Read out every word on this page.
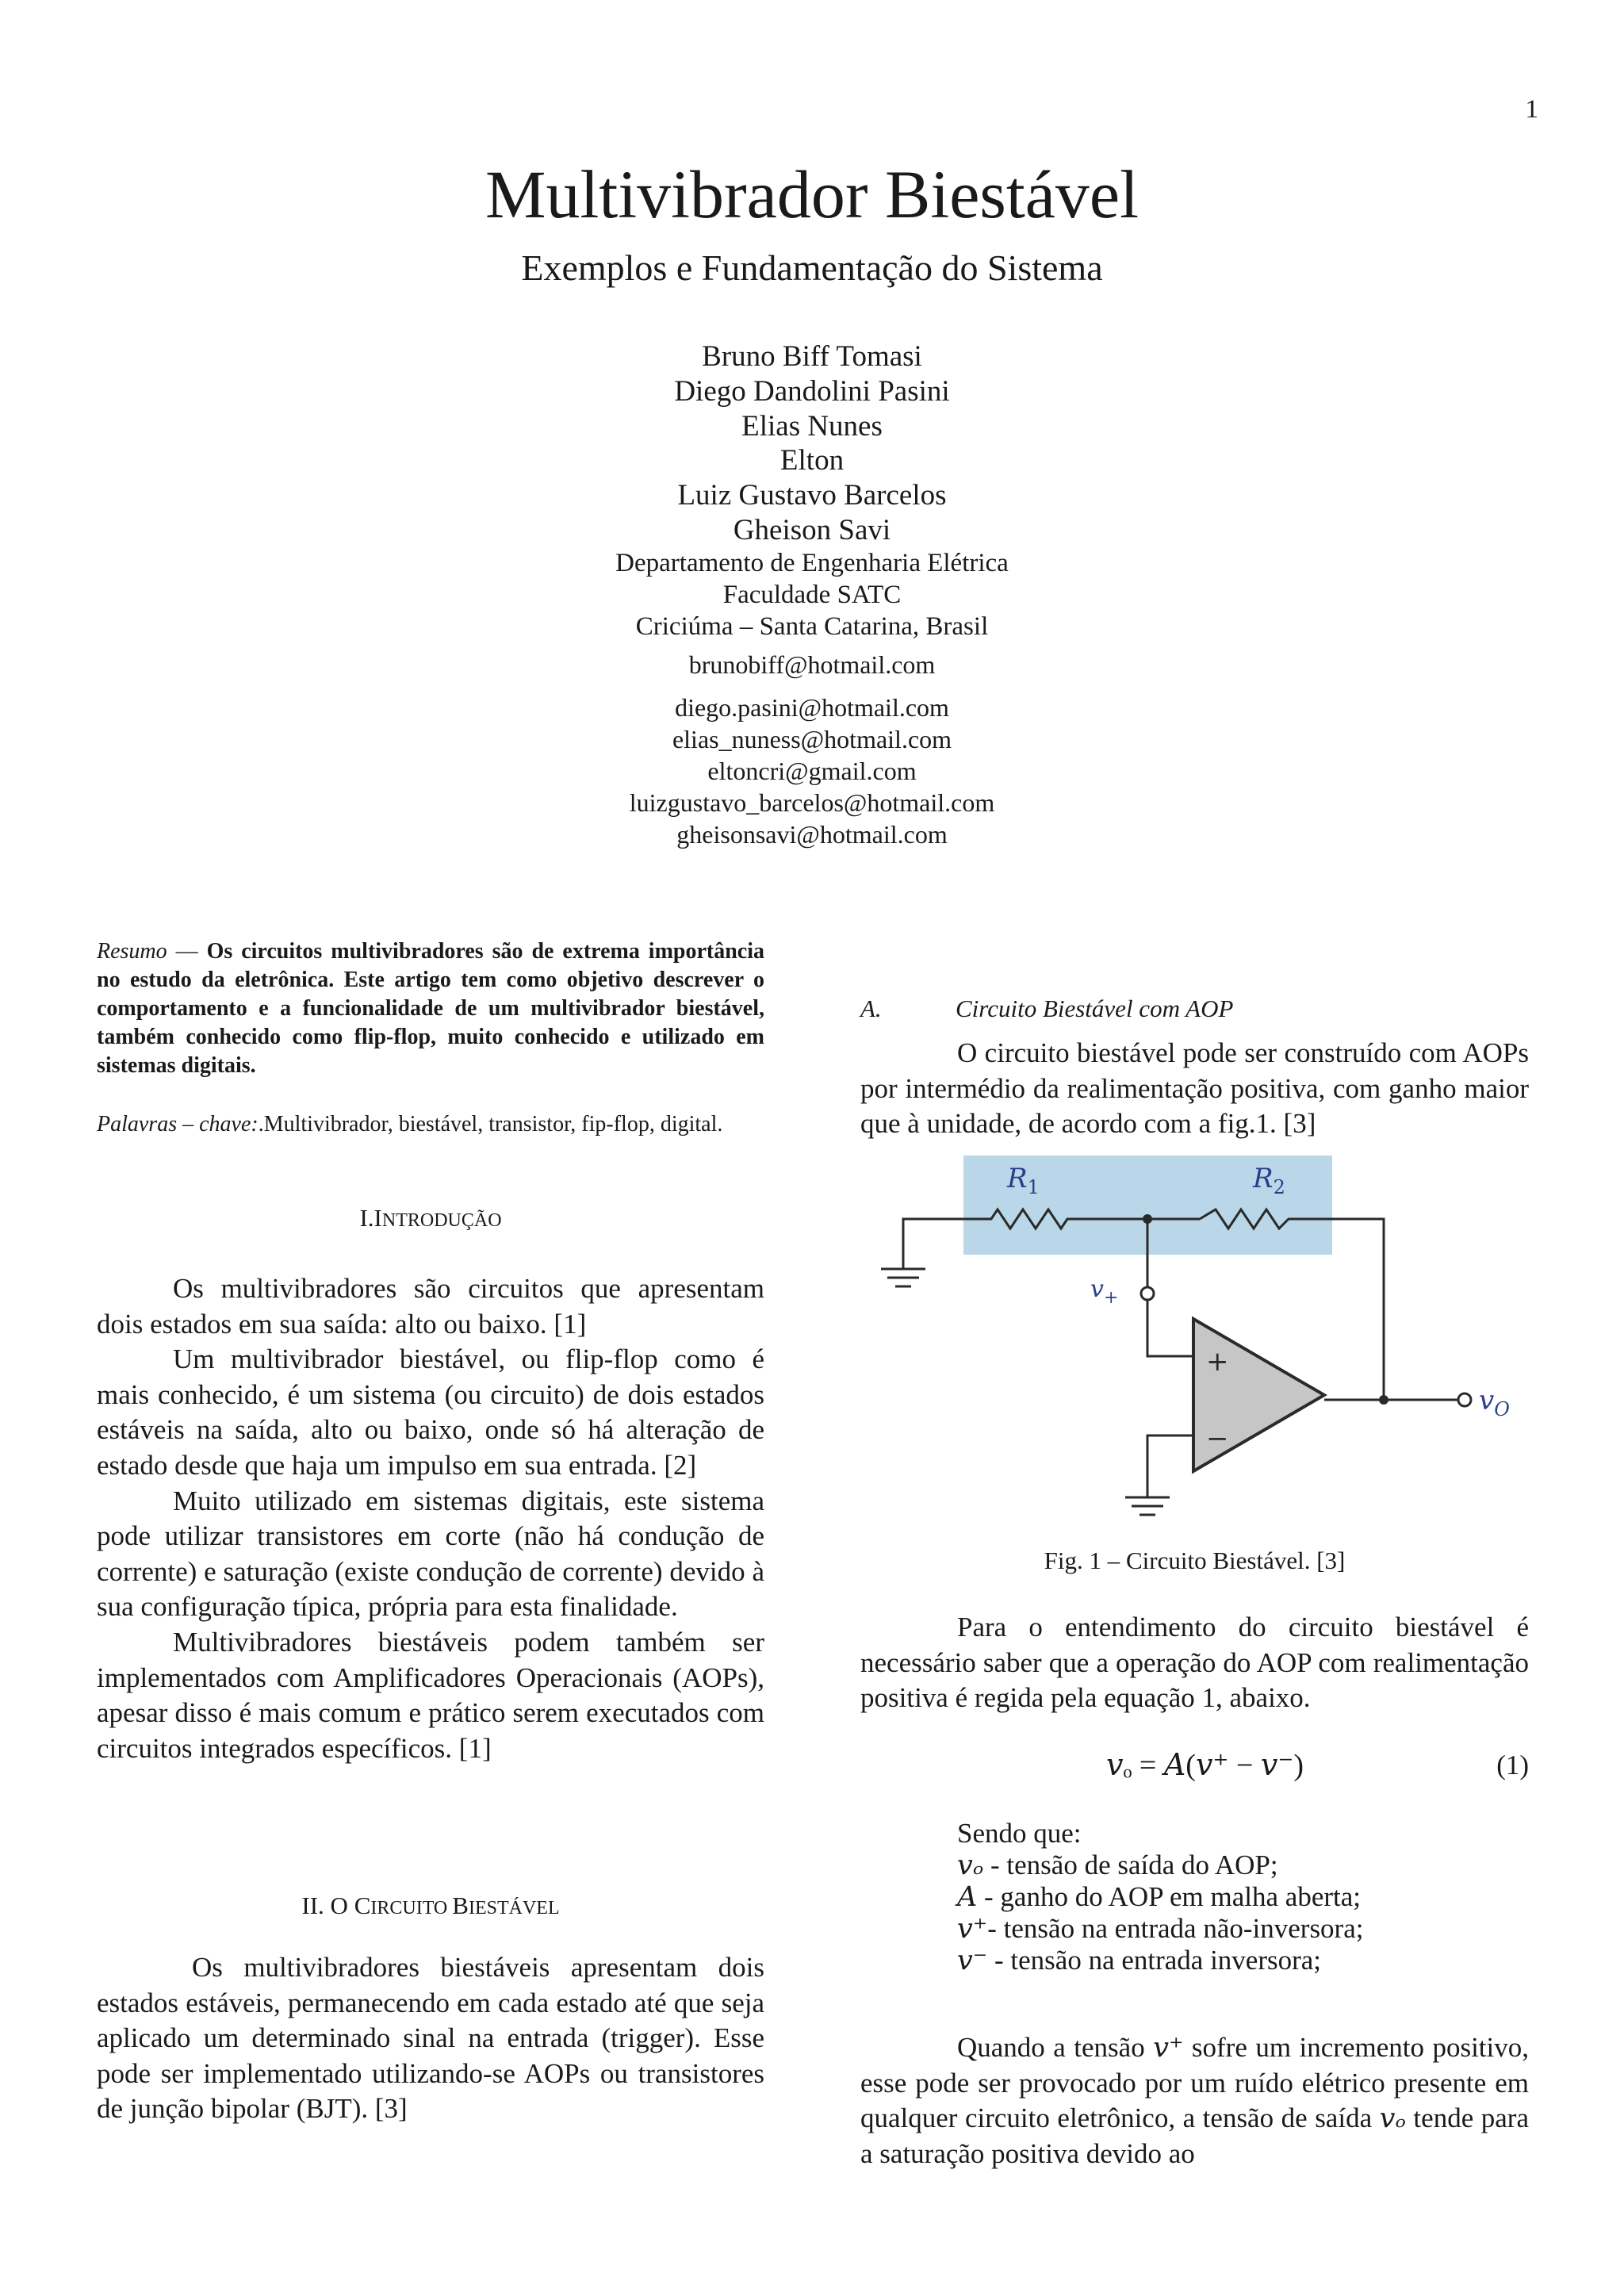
1
Multivibrador Biestável
Exemplos e Fundamentação do Sistema
Bruno Biff Tomasi
Diego Dandolini Pasini
Elias Nunes
Elton
Luiz Gustavo Barcelos
Gheison Savi
Departamento de Engenharia Elétrica
Faculdade SATC
Criciúma – Santa Catarina, Brasil
brunobiff@hotmail.com
diego.pasini@hotmail.com
elias_nuness@hotmail.com
eltoncri@gmail.com
luizgustavo_barcelos@hotmail.com
gheisonsavi@hotmail.com
Resumo — Os circuitos multivibradores são de extrema importância no estudo da eletrônica. Este artigo tem como objetivo descrever o comportamento e a funcionalidade de um multivibrador biestável, também conhecido como flip-flop, muito conhecido e utilizado em sistemas digitais.
Palavras – chave:.Multivibrador, biestável, transistor, fip-flop, digital.
I.INTRODUÇÃO

Os multivibradores são circuitos que apresentam dois estados em sua saída: alto ou baixo. [1]

Um multivibrador biestável, ou flip-flop como é mais conhecido, é um sistema (ou circuito) de dois estados estáveis na saída, alto ou baixo, onde só há alteração de estado desde que haja um impulso em sua entrada. [2]

Muito utilizado em sistemas digitais, este sistema pode utilizar transistores em corte (não há condução de corrente) e saturação (existe condução de corrente) devido à sua configuração típica, própria para esta finalidade.

Multivibradores biestáveis podem também ser implementados com Amplificadores Operacionais (AOPs), apesar disso é mais comum e prático serem executados com circuitos integrados específicos. [1]

II. O CIRCUITO BIESTÁVEL

Os multivibradores biestáveis apresentam dois estados estáveis, permanecendo em cada estado até que seja aplicado um determinado sinal na entrada (trigger). Esse pode ser implementado utilizando-se AOPs ou transistores de junção bipolar (BJT). [3]

A.	Circuito Biestável com AOP

O circuito biestável pode ser construído com AOPs por intermédio da realimentação positiva, com ganho maior que à unidade, de acordo com a fig.1. [3]

$R_1$	$R_2$
$v_+$
$v_O$
+
−
Fig. 1 – Circuito Biestável. [3]

Para o entendimento do circuito biestável é necessário saber que a operação do AOP com realimentação positiva é regida pela equação 1, abaixo.

𝑣ₒ = 𝐴(𝑣⁺ − 𝑣⁻)	(1)
Sendo que:
𝑣ₒ - tensão de saída do AOP;
𝐴 - ganho do AOP em malha aberta;
𝑣⁺- tensão na entrada não-inversora;
𝑣⁻ - tensão na entrada inversora;

Quando a tensão 𝑣⁺ sofre um incremento positivo, esse pode ser provocado por um ruído elétrico presente em qualquer circuito eletrônico, a tensão de saída 𝑣ₒ tende para a saturação positiva devido ao
